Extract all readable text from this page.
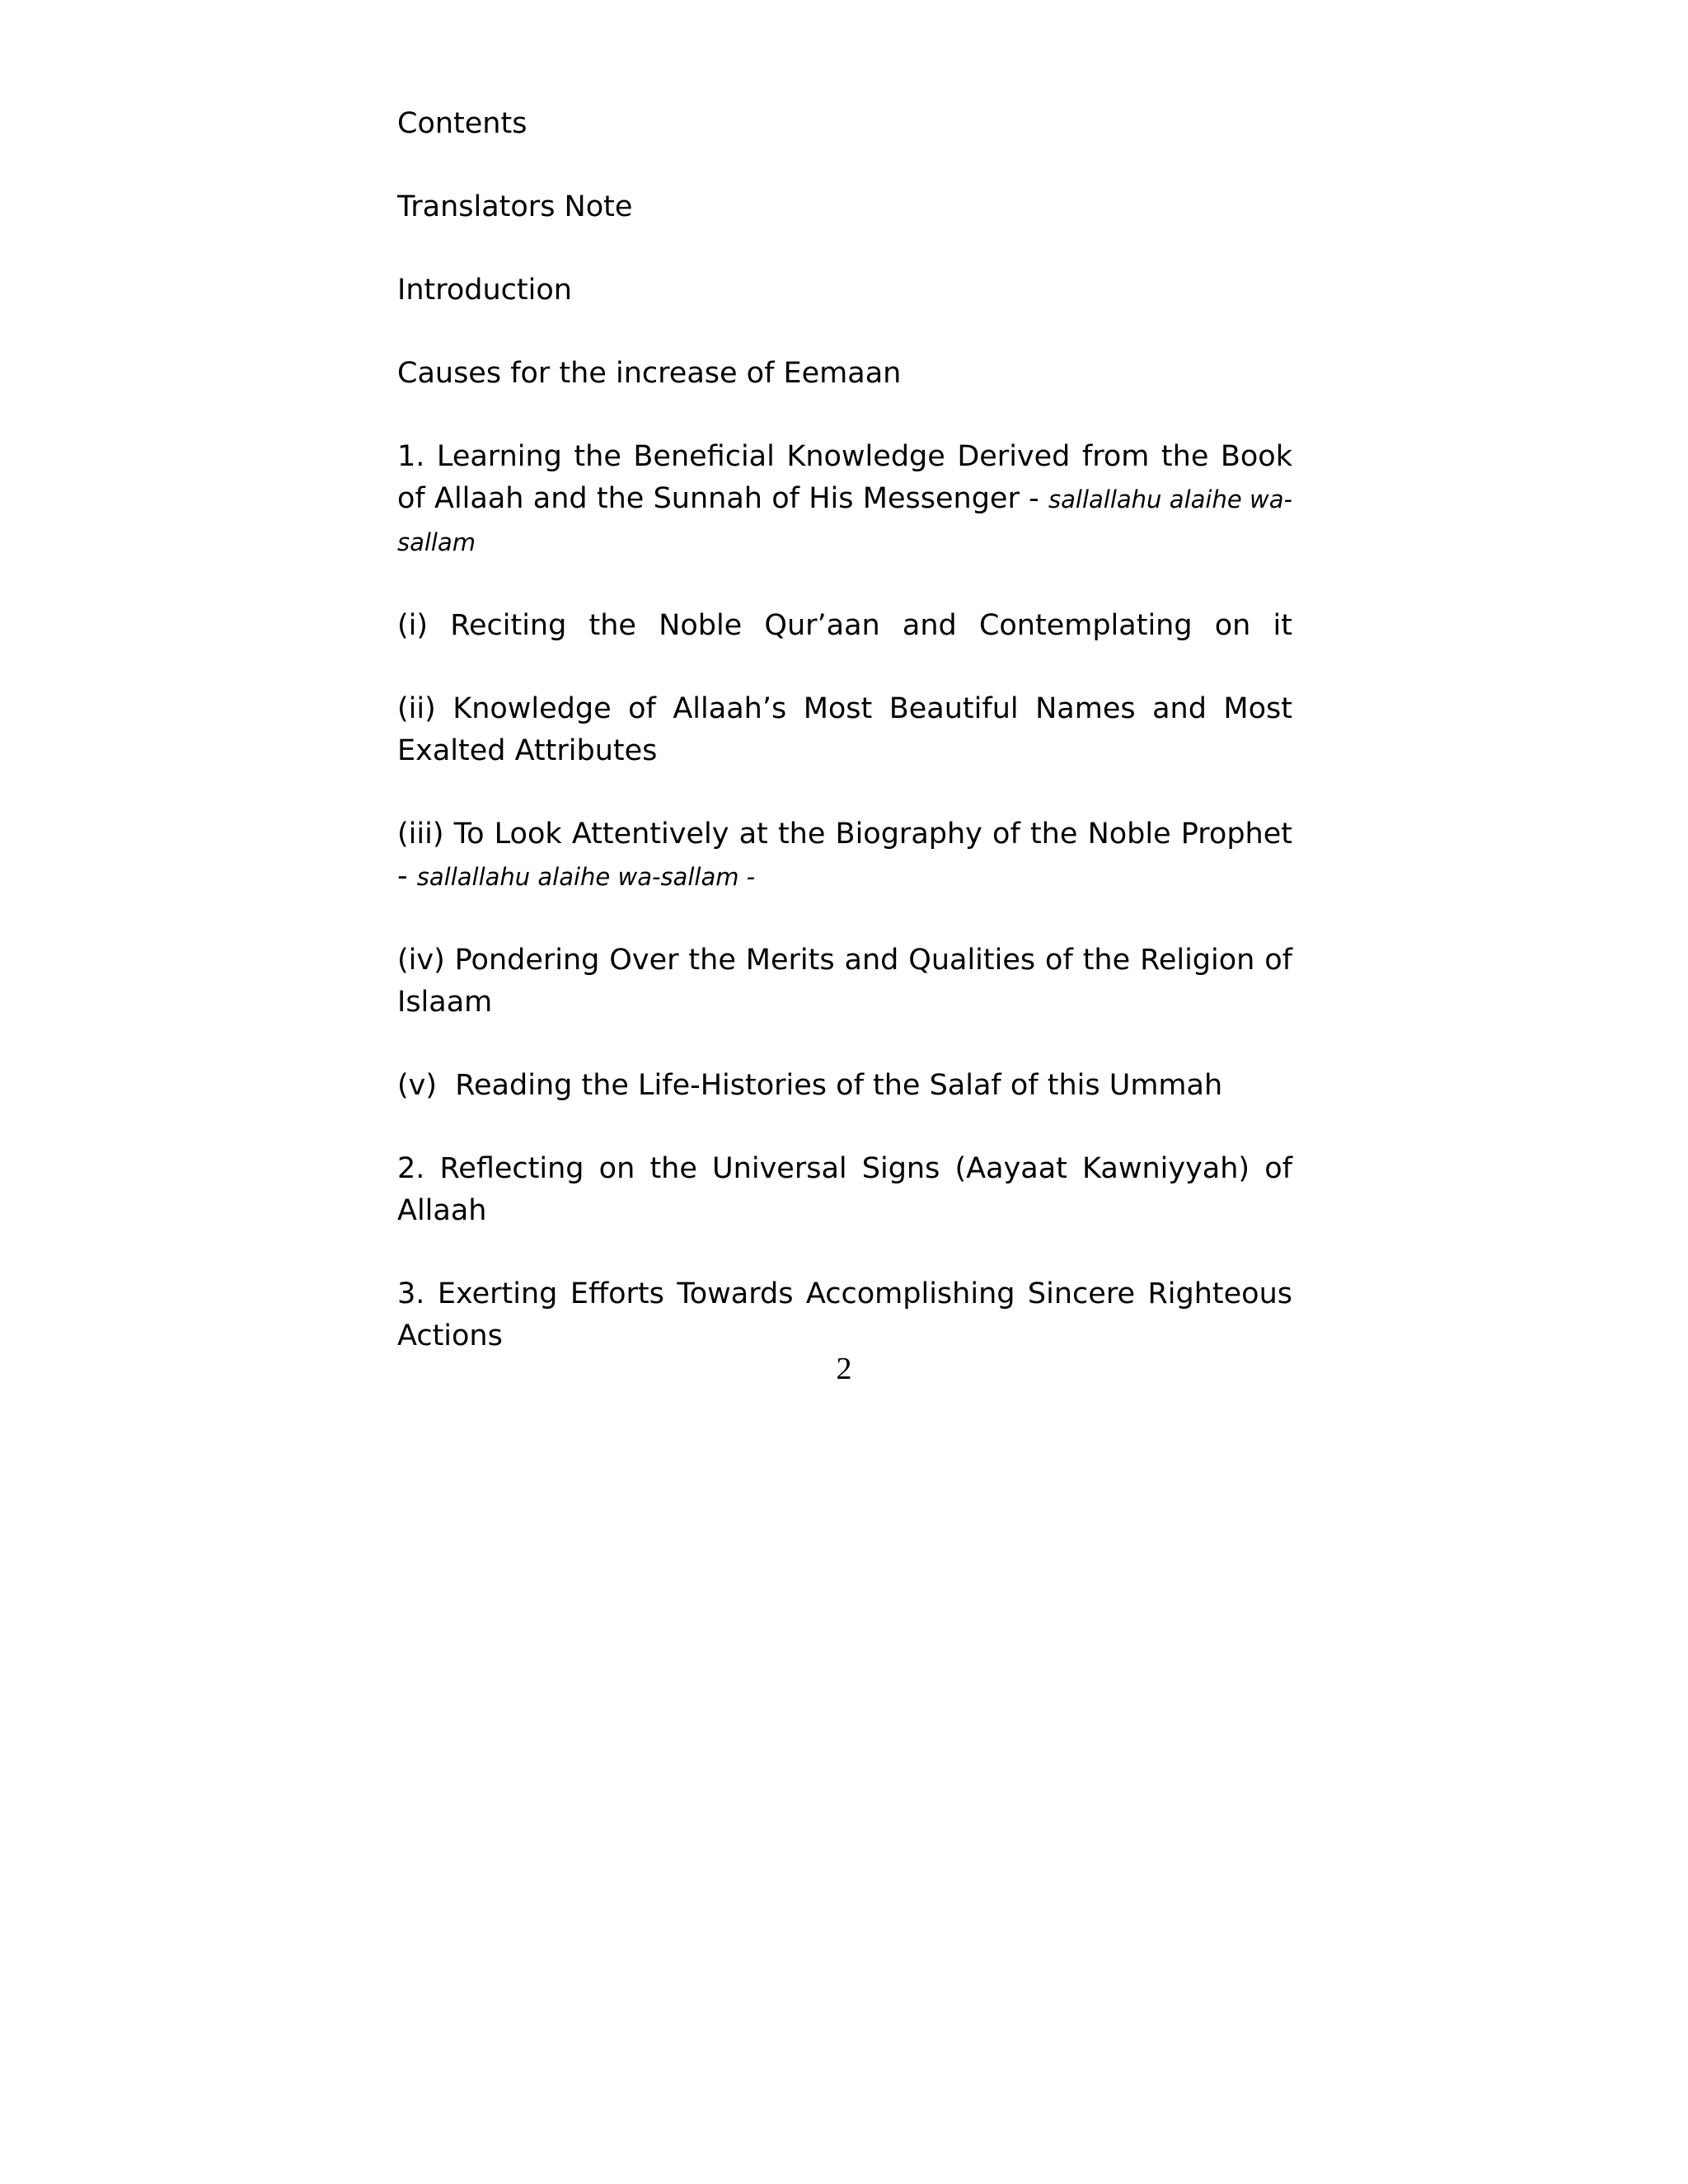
Contents
Translators Note
Introduction
Causes for the increase of Eemaan
1. Learning the Beneficial Knowledge Derived from the Book of Allaah and the Sunnah of His Messenger - sallallahu alaihe wa-sallam
(i) Reciting the Noble Qur’aan and Contemplating on it
(ii) Knowledge of Allaah’s Most Beautiful Names and Most Exalted Attributes
(iii) To Look Attentively at the Biography of the Noble Prophet - sallallahu alaihe wa-sallam -
(iv) Pondering Over the Merits and Qualities of the Religion of Islaam
(v)  Reading the Life-Histories of the Salaf of this Ummah
2. Reflecting on the Universal Signs (Aayaat Kawniyyah) of Allaah
3. Exerting Efforts Towards Accomplishing Sincere Righteous Actions
2
